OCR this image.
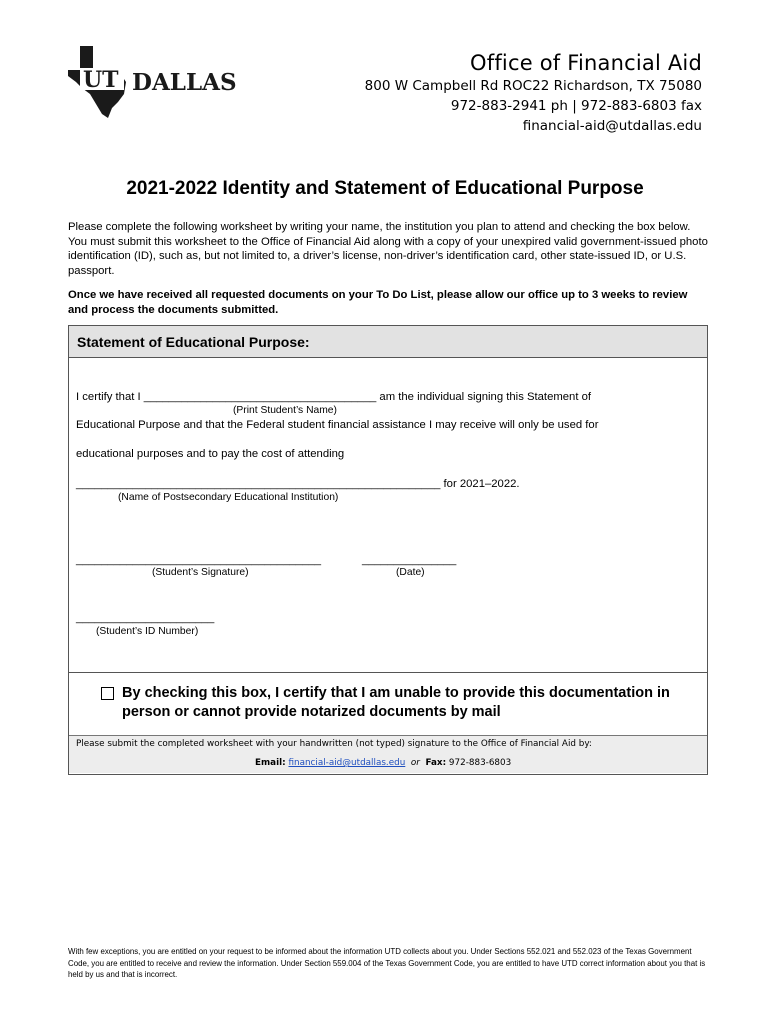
UT DALLAS
Office of Financial Aid
800 W Campbell Rd ROC22 Richardson, TX 75080
972-883-2941 ph | 972-883-6803 fax
financial-aid@utdallas.edu
2021-2022 Identity and Statement of Educational Purpose
Please complete the following worksheet by writing your name, the institution you plan to attend and checking the box below. You must submit this worksheet to the Office of Financial Aid along with a copy of your unexpired valid government-issued photo identification (ID), such as, but not limited to, a driver’s license, non-driver’s identification card, other state-issued ID, or U.S. passport.
Once we have received all requested documents on your To Do List, please allow our office up to 3 weeks to review and process the documents submitted.
Statement of Educational Purpose:
I certify that I _____________________________________ am the individual signing this Statement of
(Print Student’s Name)
Educational Purpose and that the Federal student financial assistance I may receive will only be used for
educational purposes and to pay the cost of attending
__________________________________________________________ for 2021–2022.
(Name of Postsecondary Educational Institution)
_______________________________________	_______________
(Student’s Signature)	(Date)
______________________
(Student’s ID Number)
By checking this box, I certify that I am unable to provide this documentation in
person or cannot provide notarized documents by mail
Please submit the completed worksheet with your handwritten (not typed) signature to the Office of Financial Aid by:
Email: financial-aid@utdallas.edu or Fax: 972-883-6803
With few exceptions, you are entitled on your request to be informed about the information UTD collects about you. Under Sections 552.021 and 552.023 of the Texas Government Code, you are entitled to receive and review the information. Under Section 559.004 of the Texas Government Code, you are entitled to have UTD correct information about you that is held by us and that is incorrect.
